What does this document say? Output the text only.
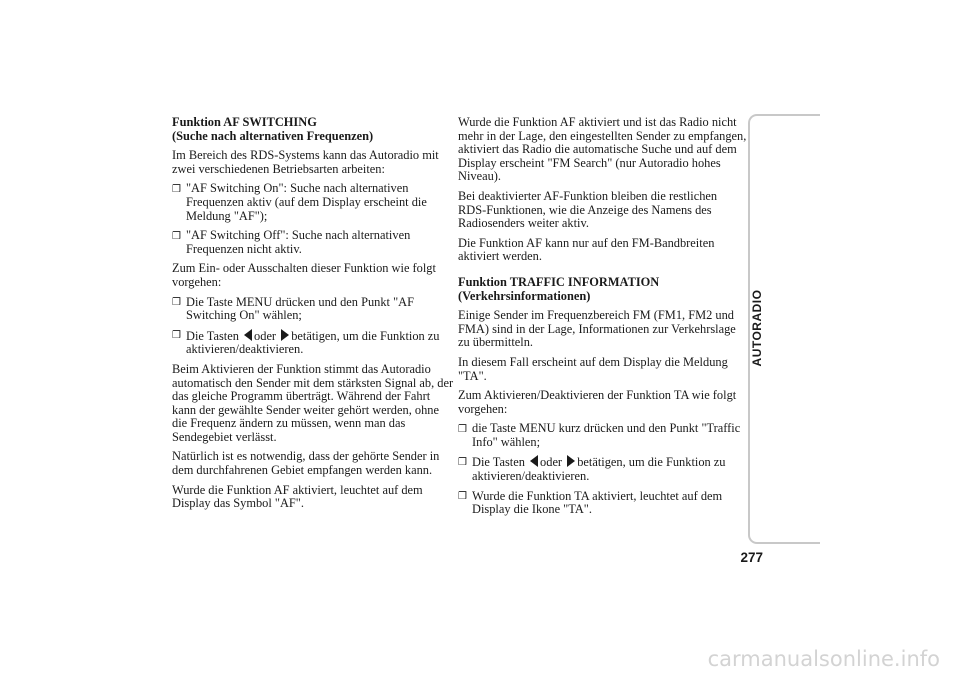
Funktion AF SWITCHING
(Suche nach alternativen Frequenzen)

Im Bereich des RDS-Systems kann das Autoradio mit zwei verschiedenen Betriebsarten arbeiten:

❒ "AF Switching On": Suche nach alternativen Frequenzen aktiv (auf dem Display erscheint die Meldung "AF");
❒ "AF Switching Off": Suche nach alternativen Frequenzen nicht aktiv.

Zum Ein- oder Ausschalten dieser Funktion wie folgt vorgehen:

❒ Die Taste MENU drücken und den Punkt "AF Switching On" wählen;
❒ Die Tasten oder betätigen, um die Funktion zu aktivieren/deaktivieren.

Beim Aktivieren der Funktion stimmt das Autoradio automatisch den Sender mit dem stärksten Signal ab, der das gleiche Programm überträgt. Während der Fahrt kann der gewählte Sender weiter gehört werden, ohne die Frequenz ändern zu müssen, wenn man das Sendegebiet verlässt.

Natürlich ist es notwendig, dass der gehörte Sender in dem durchfahrenen Gebiet empfangen werden kann.

Wurde die Funktion AF aktiviert, leuchtet auf dem Display das Symbol "AF".

Wurde die Funktion AF aktiviert und ist das Radio nicht mehr in der Lage, den eingestellten Sender zu empfangen, aktiviert das Radio die automatische Suche und auf dem Display erscheint "FM Search" (nur Autoradio hohes Niveau).

Bei deaktivierter AF-Funktion bleiben die restlichen RDS-Funktionen, wie die Anzeige des Namens des Radiosenders weiter aktiv.

Die Funktion AF kann nur auf den FM-Bandbreiten aktiviert werden.

Funktion TRAFFIC INFORMATION
(Verkehrsinformationen)

Einige Sender im Frequenzbereich FM (FM1, FM2 und FMA) sind in der Lage, Informationen zur Verkehrslage zu übermitteln.

In diesem Fall erscheint auf dem Display die Meldung "TA".

Zum Aktivieren/Deaktivieren der Funktion TA wie folgt vorgehen:

❒ die Taste MENU kurz drücken und den Punkt "Traffic Info" wählen;
❒ Die Tasten oder betätigen, um die Funktion zu aktivieren/deaktivieren.
❒ Wurde die Funktion TA aktiviert, leuchtet auf dem Display die Ikone "TA".
AUTORADIO
277
carmanualsonline.info
